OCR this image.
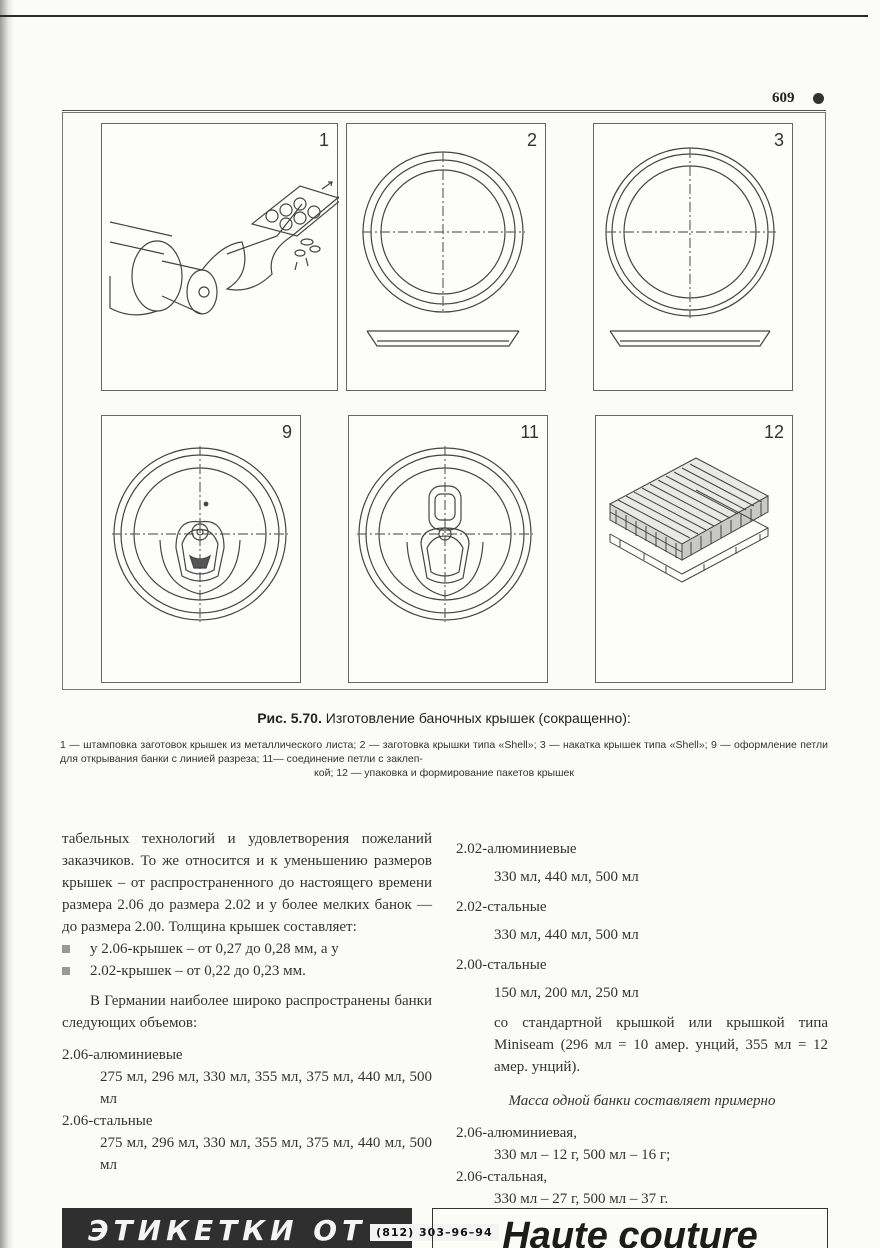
609
1	2	3
9	11	12
Рис. 5.70. Изготовление баночных крышек (сокращенно):
1 — штамповка заготовок крышек из металлического листа; 2 — заготовка крышки типа «Shell»; 3 — накатка крышек типа «Shell»; 9 — оформление петли для открывания банки с линией разреза; 11— соединение петли с заклеп-
кой; 12 — упаковка и формирование пакетов крышек

табельных технологий и удовлетворения пожеланий заказчиков. То же относится и к уменьшению размеров крышек – от распространенного до настоящего времени размера 2.06 до размера 2.02 и у более мелких банок — до размера 2.00. Толщина крышек составляет:

у 2.06-крышек – от 0,27 до 0,28 мм, а у

2.02-крышек – от 0,22 до 0,23 мм.

В Германии наиболее широко распространены банки следующих объемов:

2.06-алюминиевые

275 мл, 296 мл, 330 мл, 355 мл, 375 мл, 440 мл, 500 мл

2.06-стальные

275 мл, 296 мл, 330 мл, 355 мл, 375 мл, 440 мл, 500 мл

2.02-алюминиевые

330 мл, 440 мл, 500 мл

2.02-стальные

330 мл, 440 мл, 500 мл

2.00-стальные

150 мл, 200 мл, 250 мл

со стандартной крышкой или крышкой типа Miniseam (296 мл = 10 амер. унций, 355 мл = 12 амер. унций).

Масса одной банки составляет примерно

2.06-алюминиевая,

330 мл – 12 г, 500 мл – 16 г;

2.06-стальная,

330 мл – 27 г, 500 мл – 37 г.

ЭТИКЕТКИ ОТ (812) 303–96–94 Haute couture
